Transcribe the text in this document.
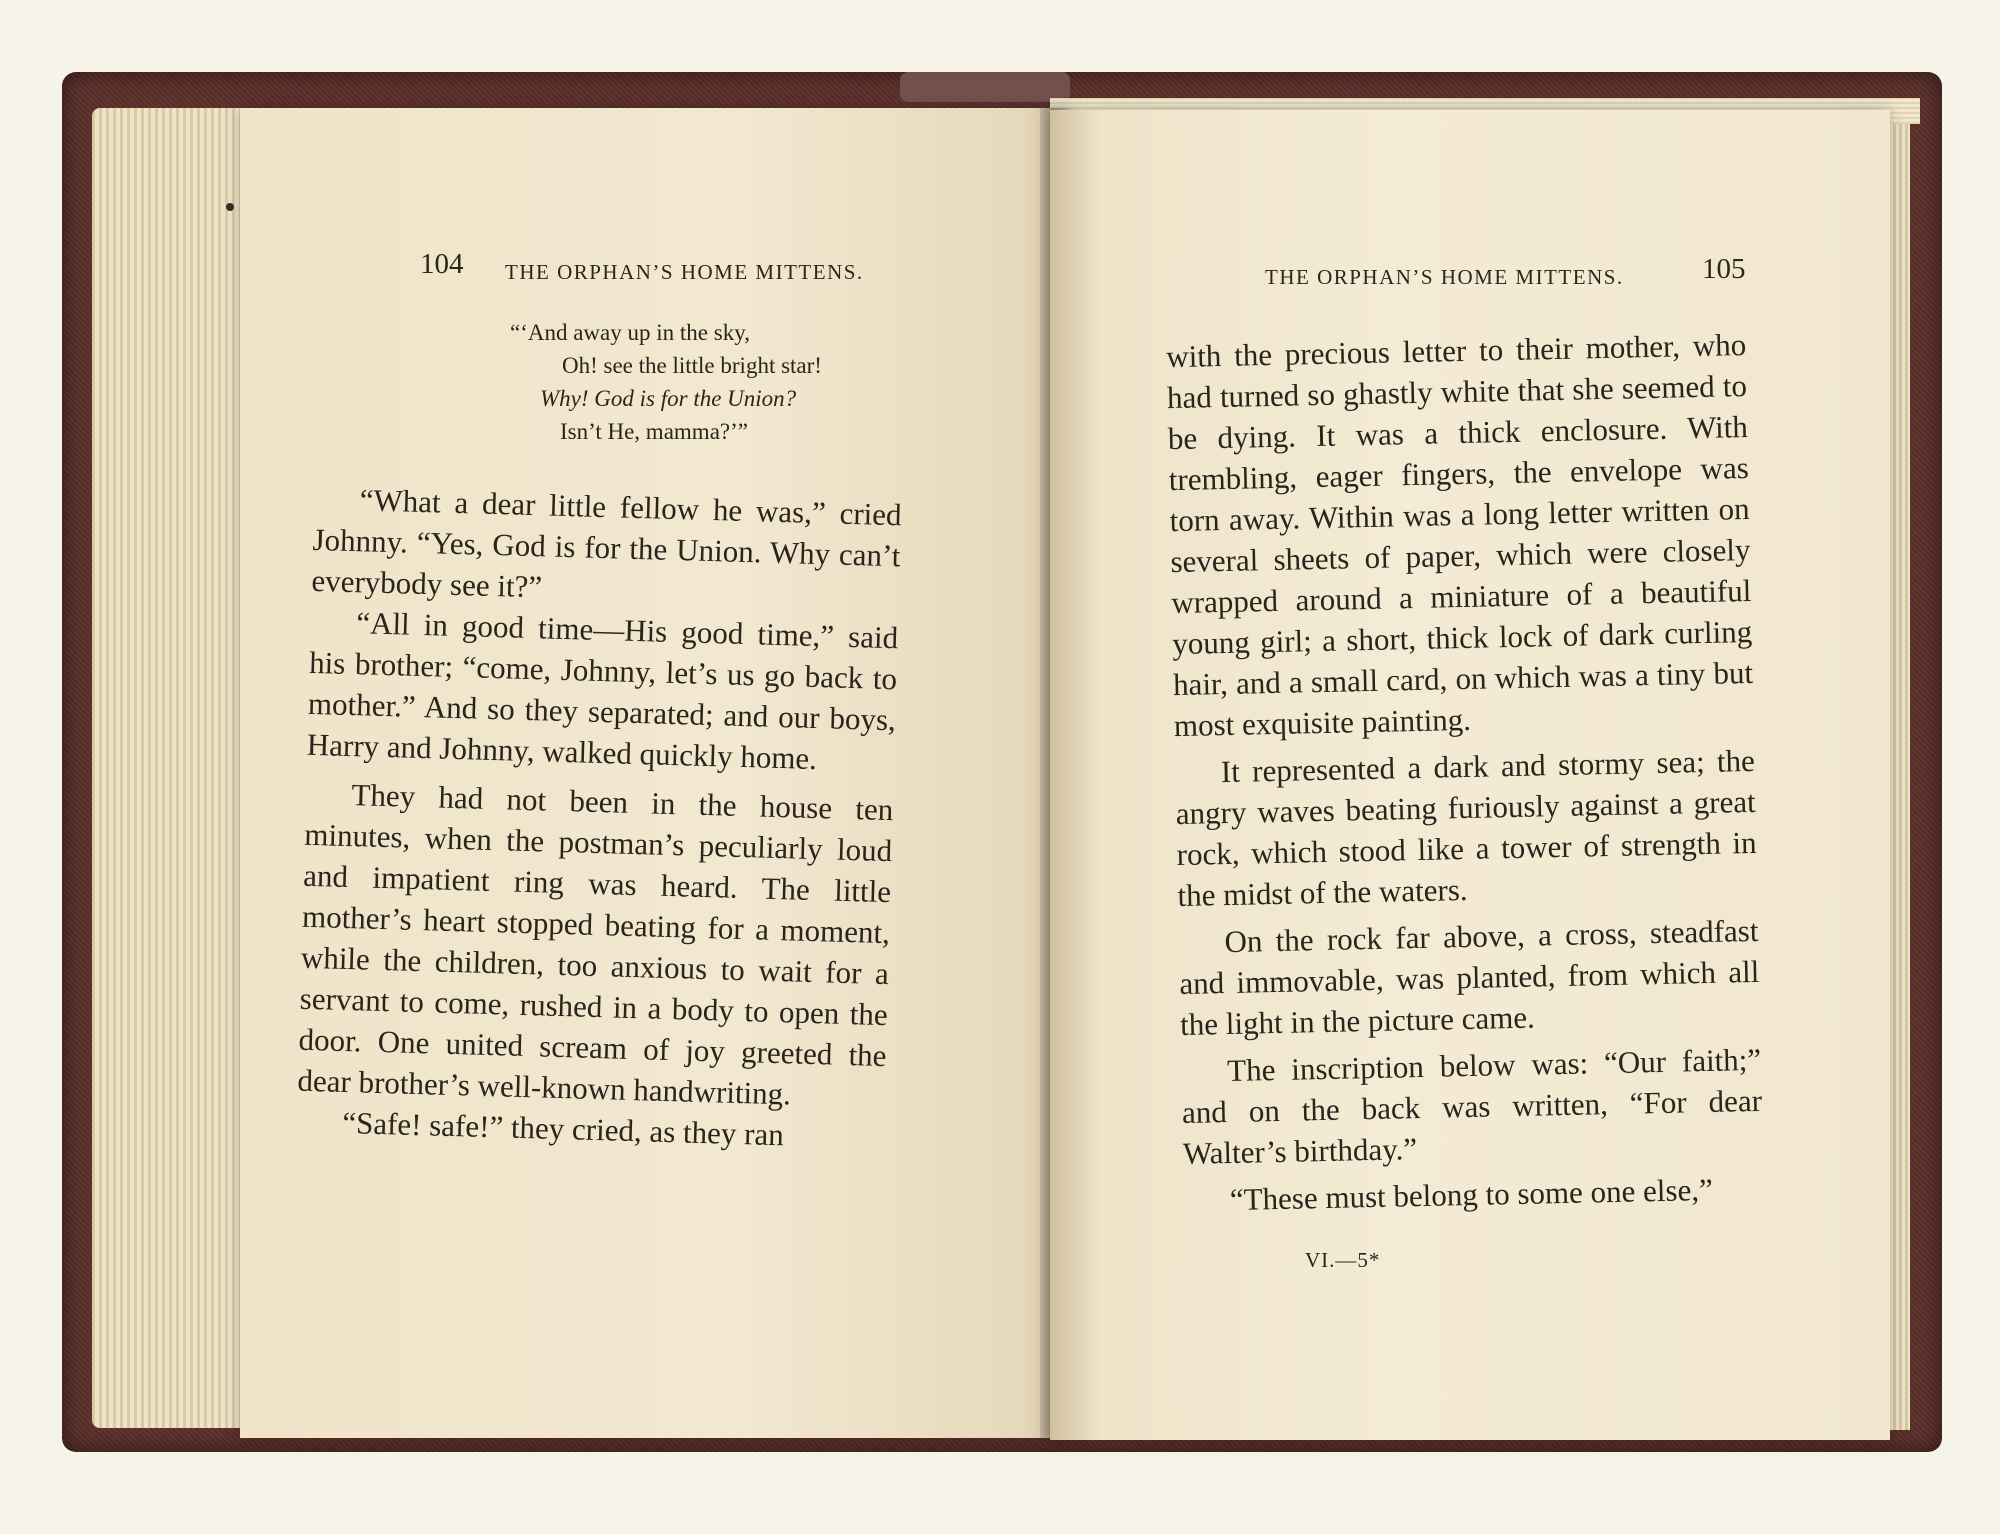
104 THE ORPHAN’S HOME MITTENS.
“‘And away up in the sky,
Oh! see the little bright star!
Why! God is for the Union?
Isn’t He, mamma?’”

“What a dear little fellow he was,” cried Johnny. “Yes, God is for the Union. Why can’t everybody see it?”

“All in good time—His good time,” said his brother; “come, Johnny, let’s us go back to mother.” And so they separated; and our boys, Harry and Johnny, walked quickly home.

They had not been in the house ten minutes, when the postman’s peculiarly loud and impatient ring was heard. The little mother’s heart stopped beating for a moment, while the children, too anxious to wait for a servant to come, rushed in a body to open the door. One united scream of joy greeted the dear brother’s well-known handwriting.

“Safe! safe!” they cried, as they ran

THE ORPHAN’S HOME MITTENS.	105

with the precious letter to their mother, who had turned so ghastly white that she seemed to be dying. It was a thick enclosure. With trembling, eager fingers, the envelope was torn away. Within was a long letter written on several sheets of paper, which were closely wrapped around a miniature of a beautiful young girl; a short, thick lock of dark curling hair, and a small card, on which was a tiny but most exquisite painting.

It represented a dark and stormy sea; the angry waves beating furiously against a great rock, which stood like a tower of strength in the midst of the waters.

On the rock far above, a cross, steadfast and immovable, was planted, from which all the light in the picture came.

The inscription below was: “Our faith;” and on the back was written, “For dear Walter’s birthday.”

“These must belong to some one else,”

VI.—5*
